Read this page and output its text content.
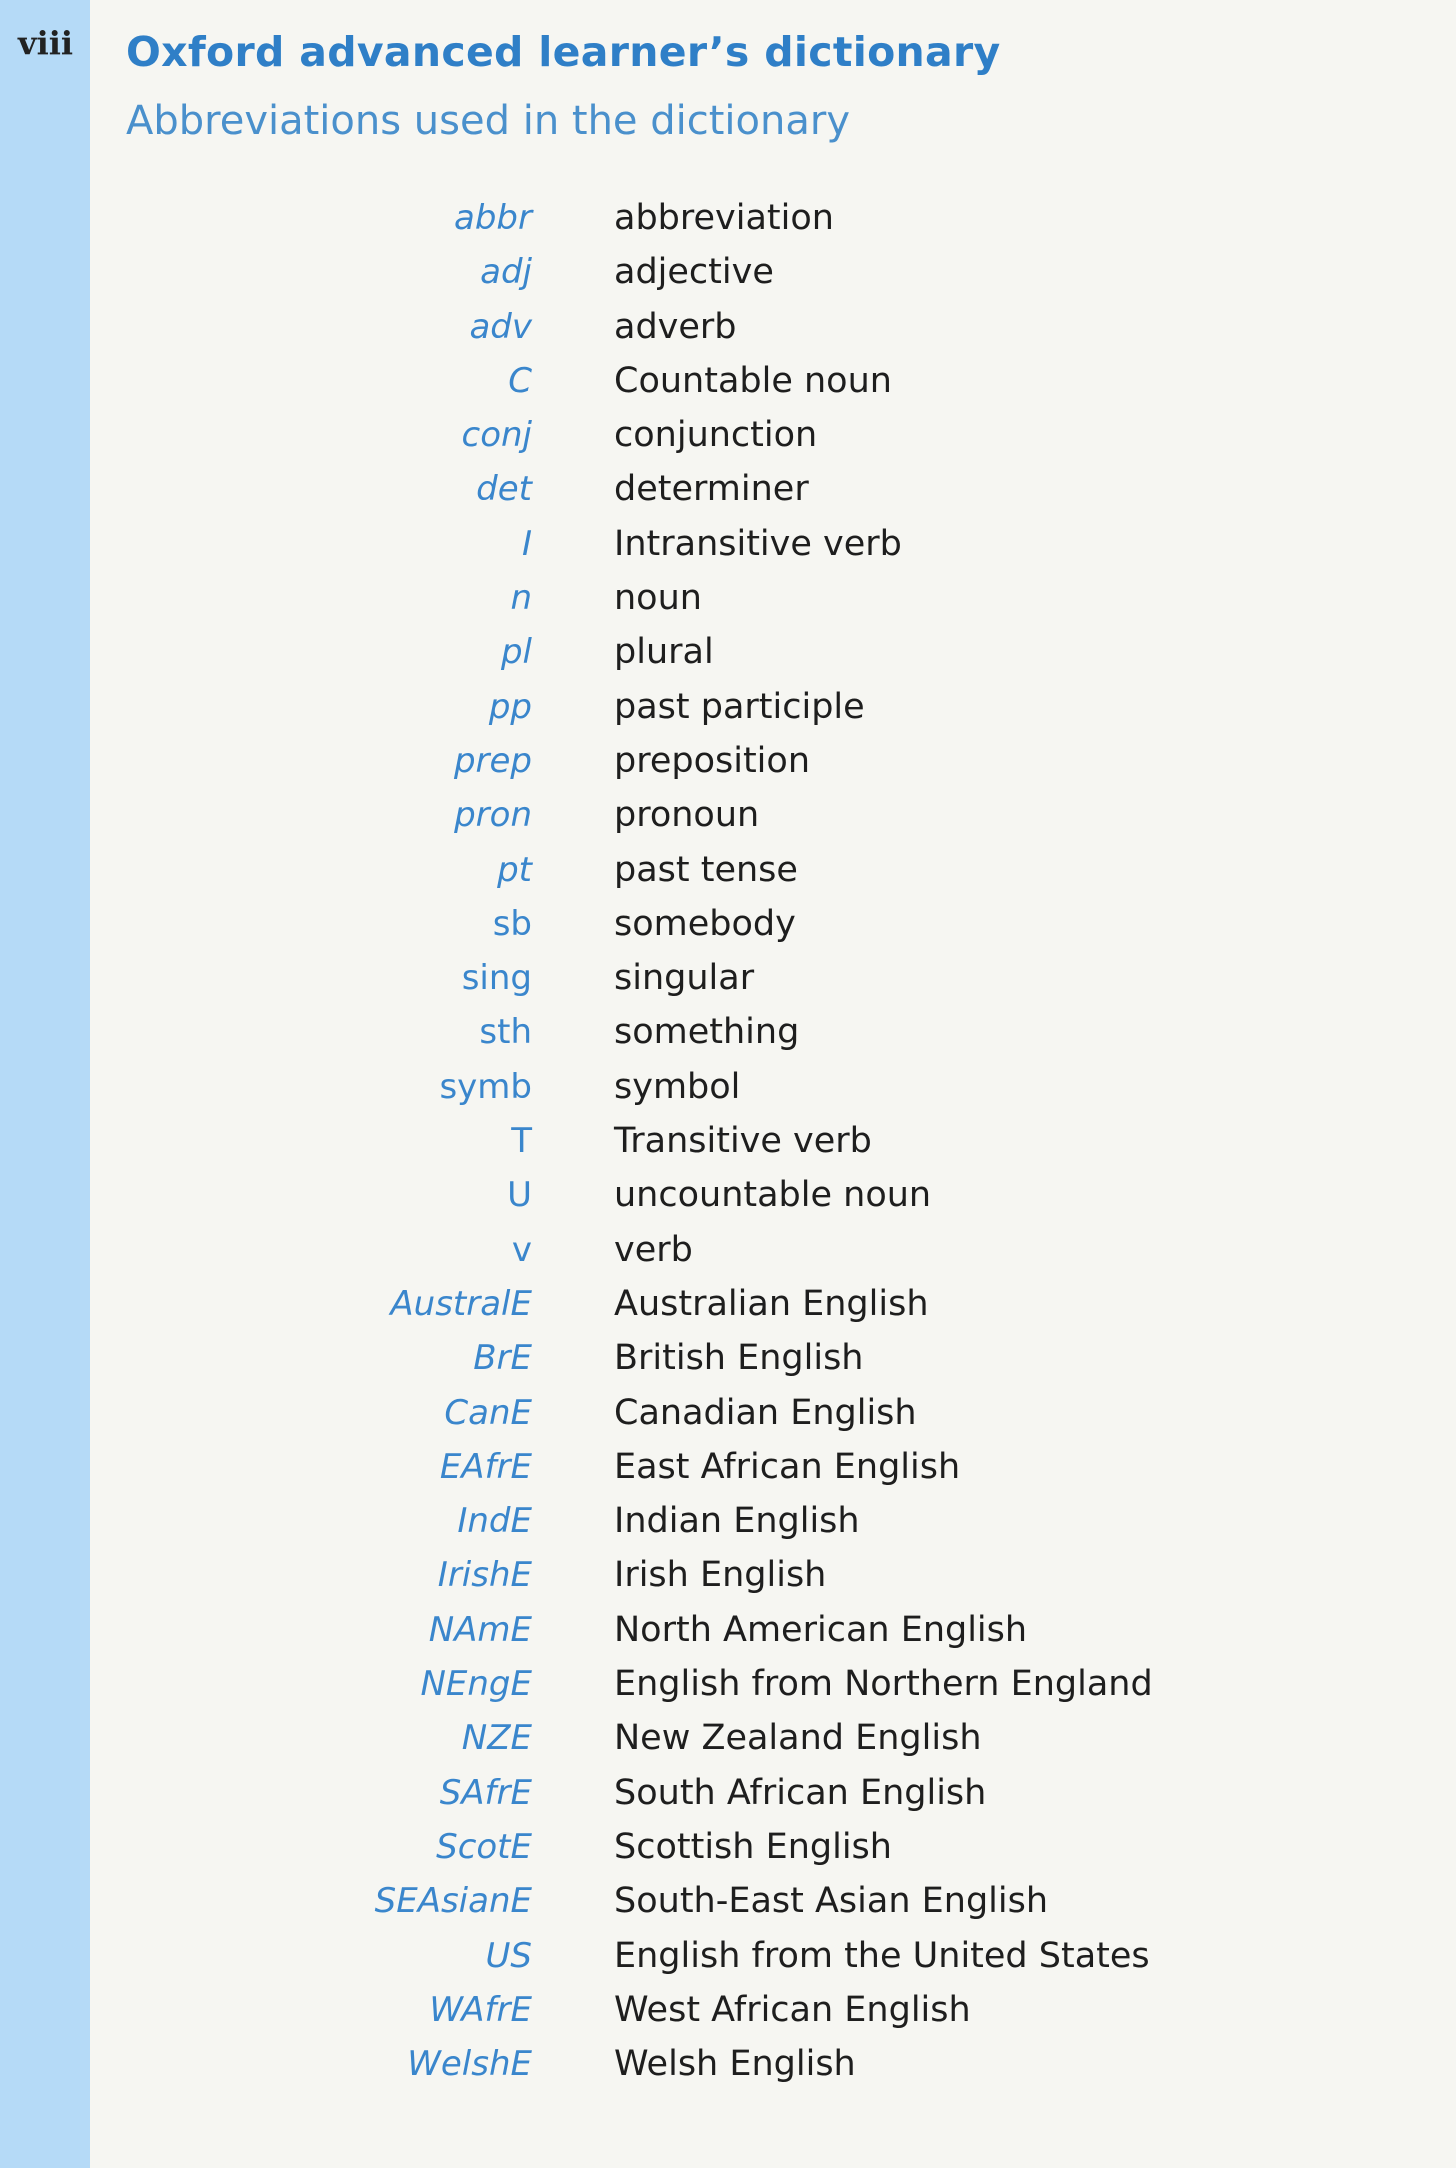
viii Oxford advanced learner’s dictionary
Abbreviations used in the dictionary
abbr	abbreviation
adj	adjective
adv	adverb
C	Countable noun
conj	conjunction
det	determiner
I	Intransitive verb
n	noun
pl	plural
pp	past participle
prep	preposition
pron	pronoun
pt	past tense
sb	somebody
sing	singular
sth	something
symb	symbol
T	Transitive verb
U	uncountable noun
v	verb
AustralE	Australian English
BrE	British English
CanE	Canadian English
EAfrE	East African English
IndE	Indian English
IrishE	Irish English
NAmE	North American English
NEngE	English from Northern England
NZE	New Zealand English
SAfrE	South African English
ScotE	Scottish English
SEAsianE	South-East Asian English
US	English from the United States
WAfrE	West African English
WelshE	Welsh English
